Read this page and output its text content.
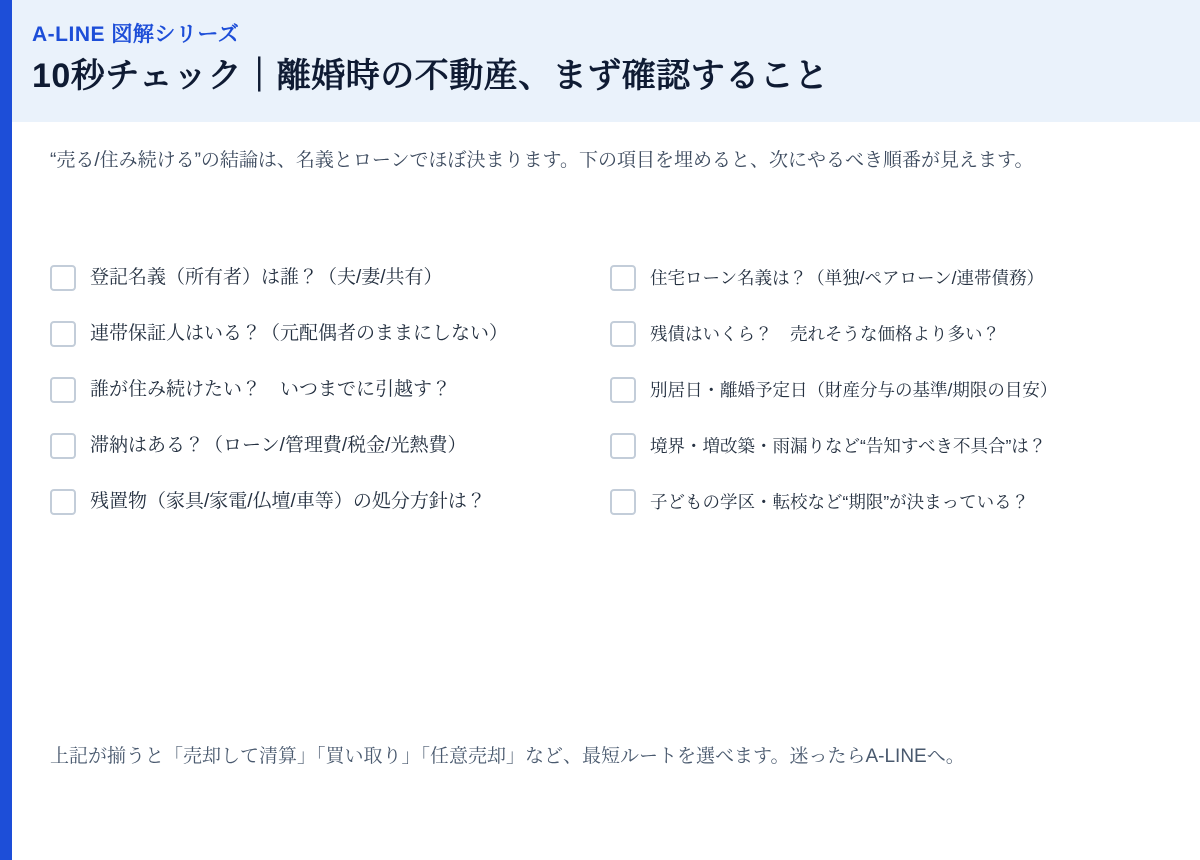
A-LINE 図解シリーズ
10秒チェック｜離婚時の不動産、まず確認すること
“売る/住み続ける”の結論は、名義とローンでほぼ決まります。下の項目を埋めると、次にやるべき順番が見えます。
登記名義（所有者）は誰？（夫/妻/共有）	住宅ローン名義は？（単独/ペアローン/連帯債務）
連帯保証人はいる？（元配偶者のままにしない）	残債はいくら？　売れそうな価格より多い？
誰が住み続けたい？　いつまでに引越す？	別居日・離婚予定日（財産分与の基準/期限の目安）
滞納はある？（ローン/管理費/税金/光熱費）	境界・増改築・雨漏りなど“告知すべき不具合”は？
残置物（家具/家電/仏壇/車等）の処分方針は？	子どもの学区・転校など“期限”が決まっている？
上記が揃うと「売却して清算」「買い取り」「任意売却」など、最短ルートを選べます。迷ったらA-LINEへ。
